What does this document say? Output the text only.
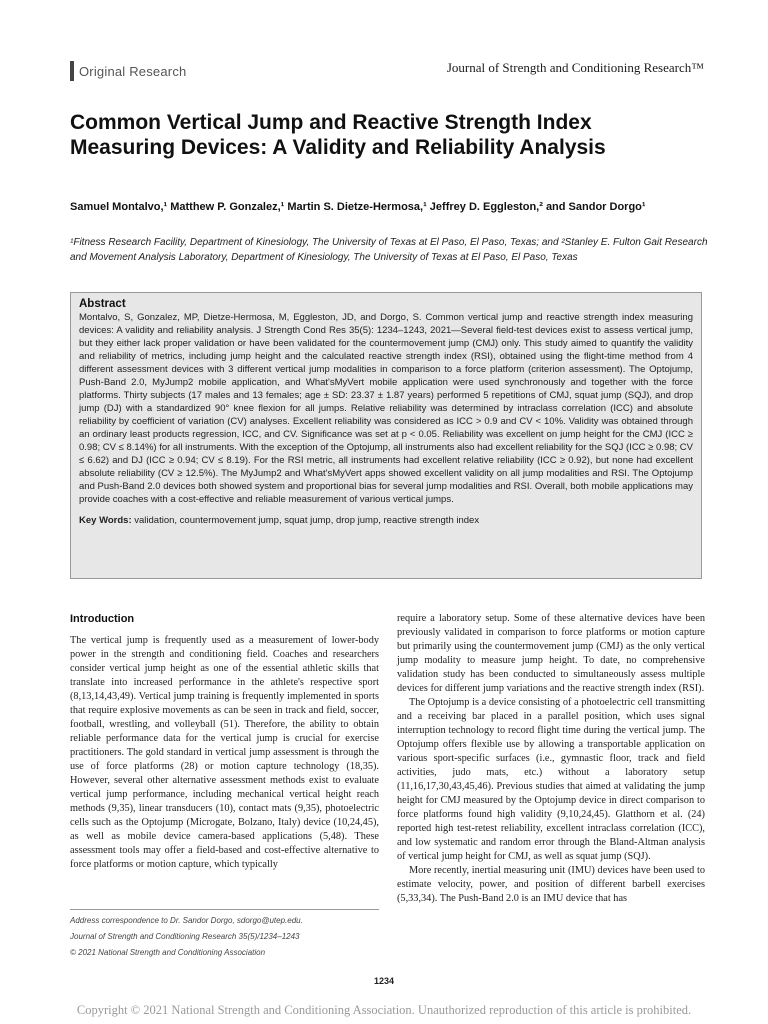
Original Research	Journal of Strength and Conditioning Research™
Common Vertical Jump and Reactive Strength Index Measuring Devices: A Validity and Reliability Analysis
Samuel Montalvo,¹ Matthew P. Gonzalez,¹ Martin S. Dietze-Hermosa,¹ Jeffrey D. Eggleston,² and Sandor Dorgo¹
¹Fitness Research Facility, Department of Kinesiology, The University of Texas at El Paso, El Paso, Texas; and ²Stanley E. Fulton Gait Research and Movement Analysis Laboratory, Department of Kinesiology, The University of Texas at El Paso, El Paso, Texas
Abstract

Montalvo, S, Gonzalez, MP, Dietze-Hermosa, M, Eggleston, JD, and Dorgo, S. Common vertical jump and reactive strength index measuring devices: A validity and reliability analysis. J Strength Cond Res 35(5): 1234–1243, 2021—Several field-test devices exist to assess vertical jump, but they either lack proper validation or have been validated for the countermovement jump (CMJ) only. This study aimed to quantify the validity and reliability of metrics, including jump height and the calculated reactive strength index (RSI), obtained using the flight-time method from 4 different assessment devices with 3 different vertical jump modalities in comparison to a force platform (criterion assessment). The Optojump, Push-Band 2.0, MyJump2 mobile application, and What'sMyVert mobile application were used synchronously and together with the force platforms. Thirty subjects (17 males and 13 females; age ± SD: 23.37 ± 1.87 years) performed 5 repetitions of CMJ, squat jump (SQJ), and drop jump (DJ) with a standardized 90° knee flexion for all jumps. Relative reliability was determined by intraclass correlation (ICC) and absolute reliability by coefficient of variation (CV) analyses. Excellent reliability was considered as ICC > 0.9 and CV < 10%. Validity was obtained through an ordinary least products regression, ICC, and CV. Significance was set at p < 0.05. Reliability was excellent on jump height for the CMJ (ICC ≥ 0.98; CV ≤ 8.14%) for all instruments. With the exception of the Optojump, all instruments also had excellent reliability for the SQJ (ICC ≥ 0.98; CV ≤ 6.62) and DJ (ICC ≥ 0.94; CV ≤ 8.19). For the RSI metric, all instruments had excellent relative reliability (ICC ≥ 0.92), but none had excellent absolute reliability (CV ≥ 12.5%). The MyJump2 and What'sMyVert apps showed excellent validity on all jump modalities and RSI. The Optojump and Push-Band 2.0 devices both showed system and proportional bias for several jump modalities and RSI. Overall, both mobile applications may provide coaches with a cost-effective and reliable measurement of various vertical jumps.

Key Words: validation, countermovement jump, squat jump, drop jump, reactive strength index
Introduction

The vertical jump is frequently used as a measurement of lower-body power in the strength and conditioning field. Coaches and researchers consider vertical jump height as one of the essential athletic skills that translate into increased performance in the athlete's respective sport (8,13,14,43,49). Vertical jump training is frequently implemented in sports that require explosive movements as can be seen in track and field, soccer, football, wrestling, and volleyball (51). Therefore, the ability to obtain reliable performance data for the vertical jump is crucial for exercise practitioners. The gold standard in vertical jump assessment is through the use of force platforms (28) or motion capture technology (18,35). However, several other alternative assessment methods exist to evaluate vertical jump performance, including mechanical vertical height reach methods (9,35), linear transducers (10), contact mats (9,35), photoelectric cells such as the Optojump (Microgate, Bolzano, Italy) device (10,24,45), as well as mobile device camera-based applications (5,48). These assessment tools may offer a field-based and cost-effective alternative to force platforms or motion capture, which typically

require a laboratory setup. Some of these alternative devices have been previously validated in comparison to force platforms or motion capture but primarily using the countermovement jump (CMJ) as the only vertical jump modality to measure jump height. To date, no comprehensive validation study has been conducted to simultaneously assess multiple devices for different jump variations and the reactive strength index (RSI).

The Optojump is a device consisting of a photoelectric cell transmitting and a receiving bar placed in a parallel position, which uses signal interruption technology to record flight time during the vertical jump. The Optojump offers flexible use by allowing a transportable application on various sport-specific surfaces (i.e., gymnastic floor, track and field activities, judo mats, etc.) without a laboratory setup (11,16,17,30,43,45,46). Previous studies that aimed at validating the jump height for CMJ measured by the Optojump device in direct comparison to force platforms found high validity (9,10,24,45). Glatthorn et al. (24) reported high test-retest reliability, excellent intraclass correlation (ICC), and low systematic and random error through the Bland-Altman analysis of vertical jump height for CMJ, as well as squat jump (SQJ).

More recently, inertial measuring unit (IMU) devices have been used to estimate velocity, power, and position of different barbell exercises (5,33,34). The Push-Band 2.0 is an IMU device that has

Address correspondence to Dr. Sandor Dorgo, sdorgo@utep.edu.
Journal of Strength and Conditioning Research 35(5)/1234–1243
© 2021 National Strength and Conditioning Association
1234
Copyright © 2021 National Strength and Conditioning Association. Unauthorized reproduction of this article is prohibited.
